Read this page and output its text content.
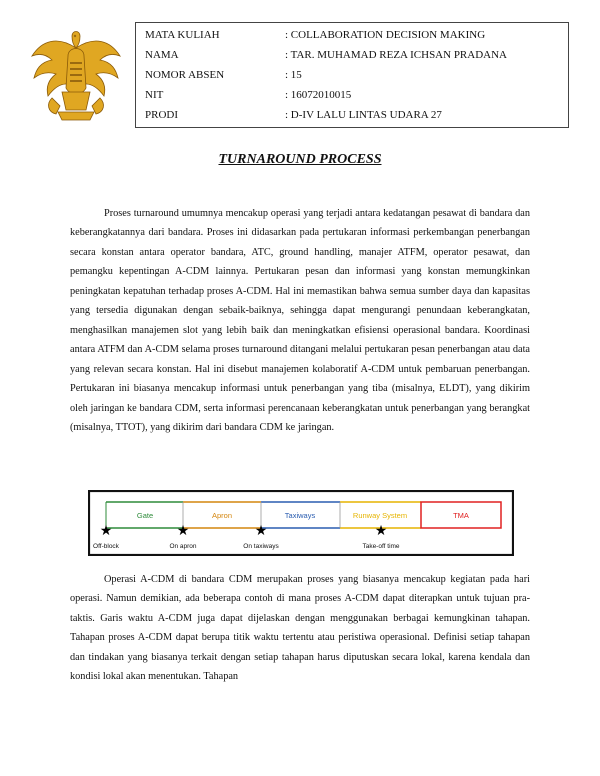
MATA KULIAH	: COLLABORATION DECISION MAKING
NAMA	: TAR. MUHAMAD REZA ICHSAN PRADANA
NOMOR ABSEN	: 15
NIT	: 16072010015
PRODI	: D-IV LALU LINTAS UDARA 27
TURNAROUND PROCESS

Proses turnaround umumnya mencakup operasi yang terjadi antara kedatangan pesawat di bandara dan keberangkatannya dari bandara. Proses ini didasarkan pada pertukaran informasi perkembangan penerbangan secara konstan antara operator bandara, ATC, ground handling, manajer ATFM, operator pesawat, dan pemangku kepentingan A-CDM lainnya. Pertukaran pesan dan informasi yang konstan memungkinkan peningkatan kepatuhan terhadap proses A-CDM. Hal ini memastikan bahwa semua sumber daya dan kapasitas yang tersedia digunakan dengan sebaik-baiknya, sehingga dapat mengurangi penundaan keberangkatan, menghasilkan manajemen slot yang lebih baik dan meningkatkan efisiensi operasional bandara. Koordinasi antara ATFM dan A-CDM selama proses turnaround ditangani melalui pertukaran pesan penerbangan atau data yang relevan secara konstan. Hal ini disebut manajemen kolaboratif A-CDM untuk pembaruan penerbangan. Pertukaran ini biasanya mencakup informasi untuk penerbangan yang tiba (misalnya, ELDT), yang dikirim oleh jaringan ke bandara CDM, serta informasi perencanaan keberangkatan untuk penerbangan yang berangkat (misalnya, TTOT), yang dikirim dari bandara CDM ke jaringan.

Gate	Apron	Taxiways	Runway System	TMA
★	★	★	★
Off-block	On apron	On taxiways	Take-off time

Operasi A-CDM di bandara CDM merupakan proses yang biasanya mencakup kegiatan pada hari operasi. Namun demikian, ada beberapa contoh di mana proses A-CDM dapat diterapkan untuk tujuan pra-taktis. Garis waktu A-CDM juga dapat dijelaskan dengan menggunakan berbagai kemungkinan tahapan. Tahapan proses A-CDM dapat berupa titik waktu tertentu atau peristiwa operasional. Definisi setiap tahapan dan tindakan yang biasanya terkait dengan setiap tahapan harus diputuskan secara lokal, karena kendala dan kondisi lokal akan menentukan. Tahapan
